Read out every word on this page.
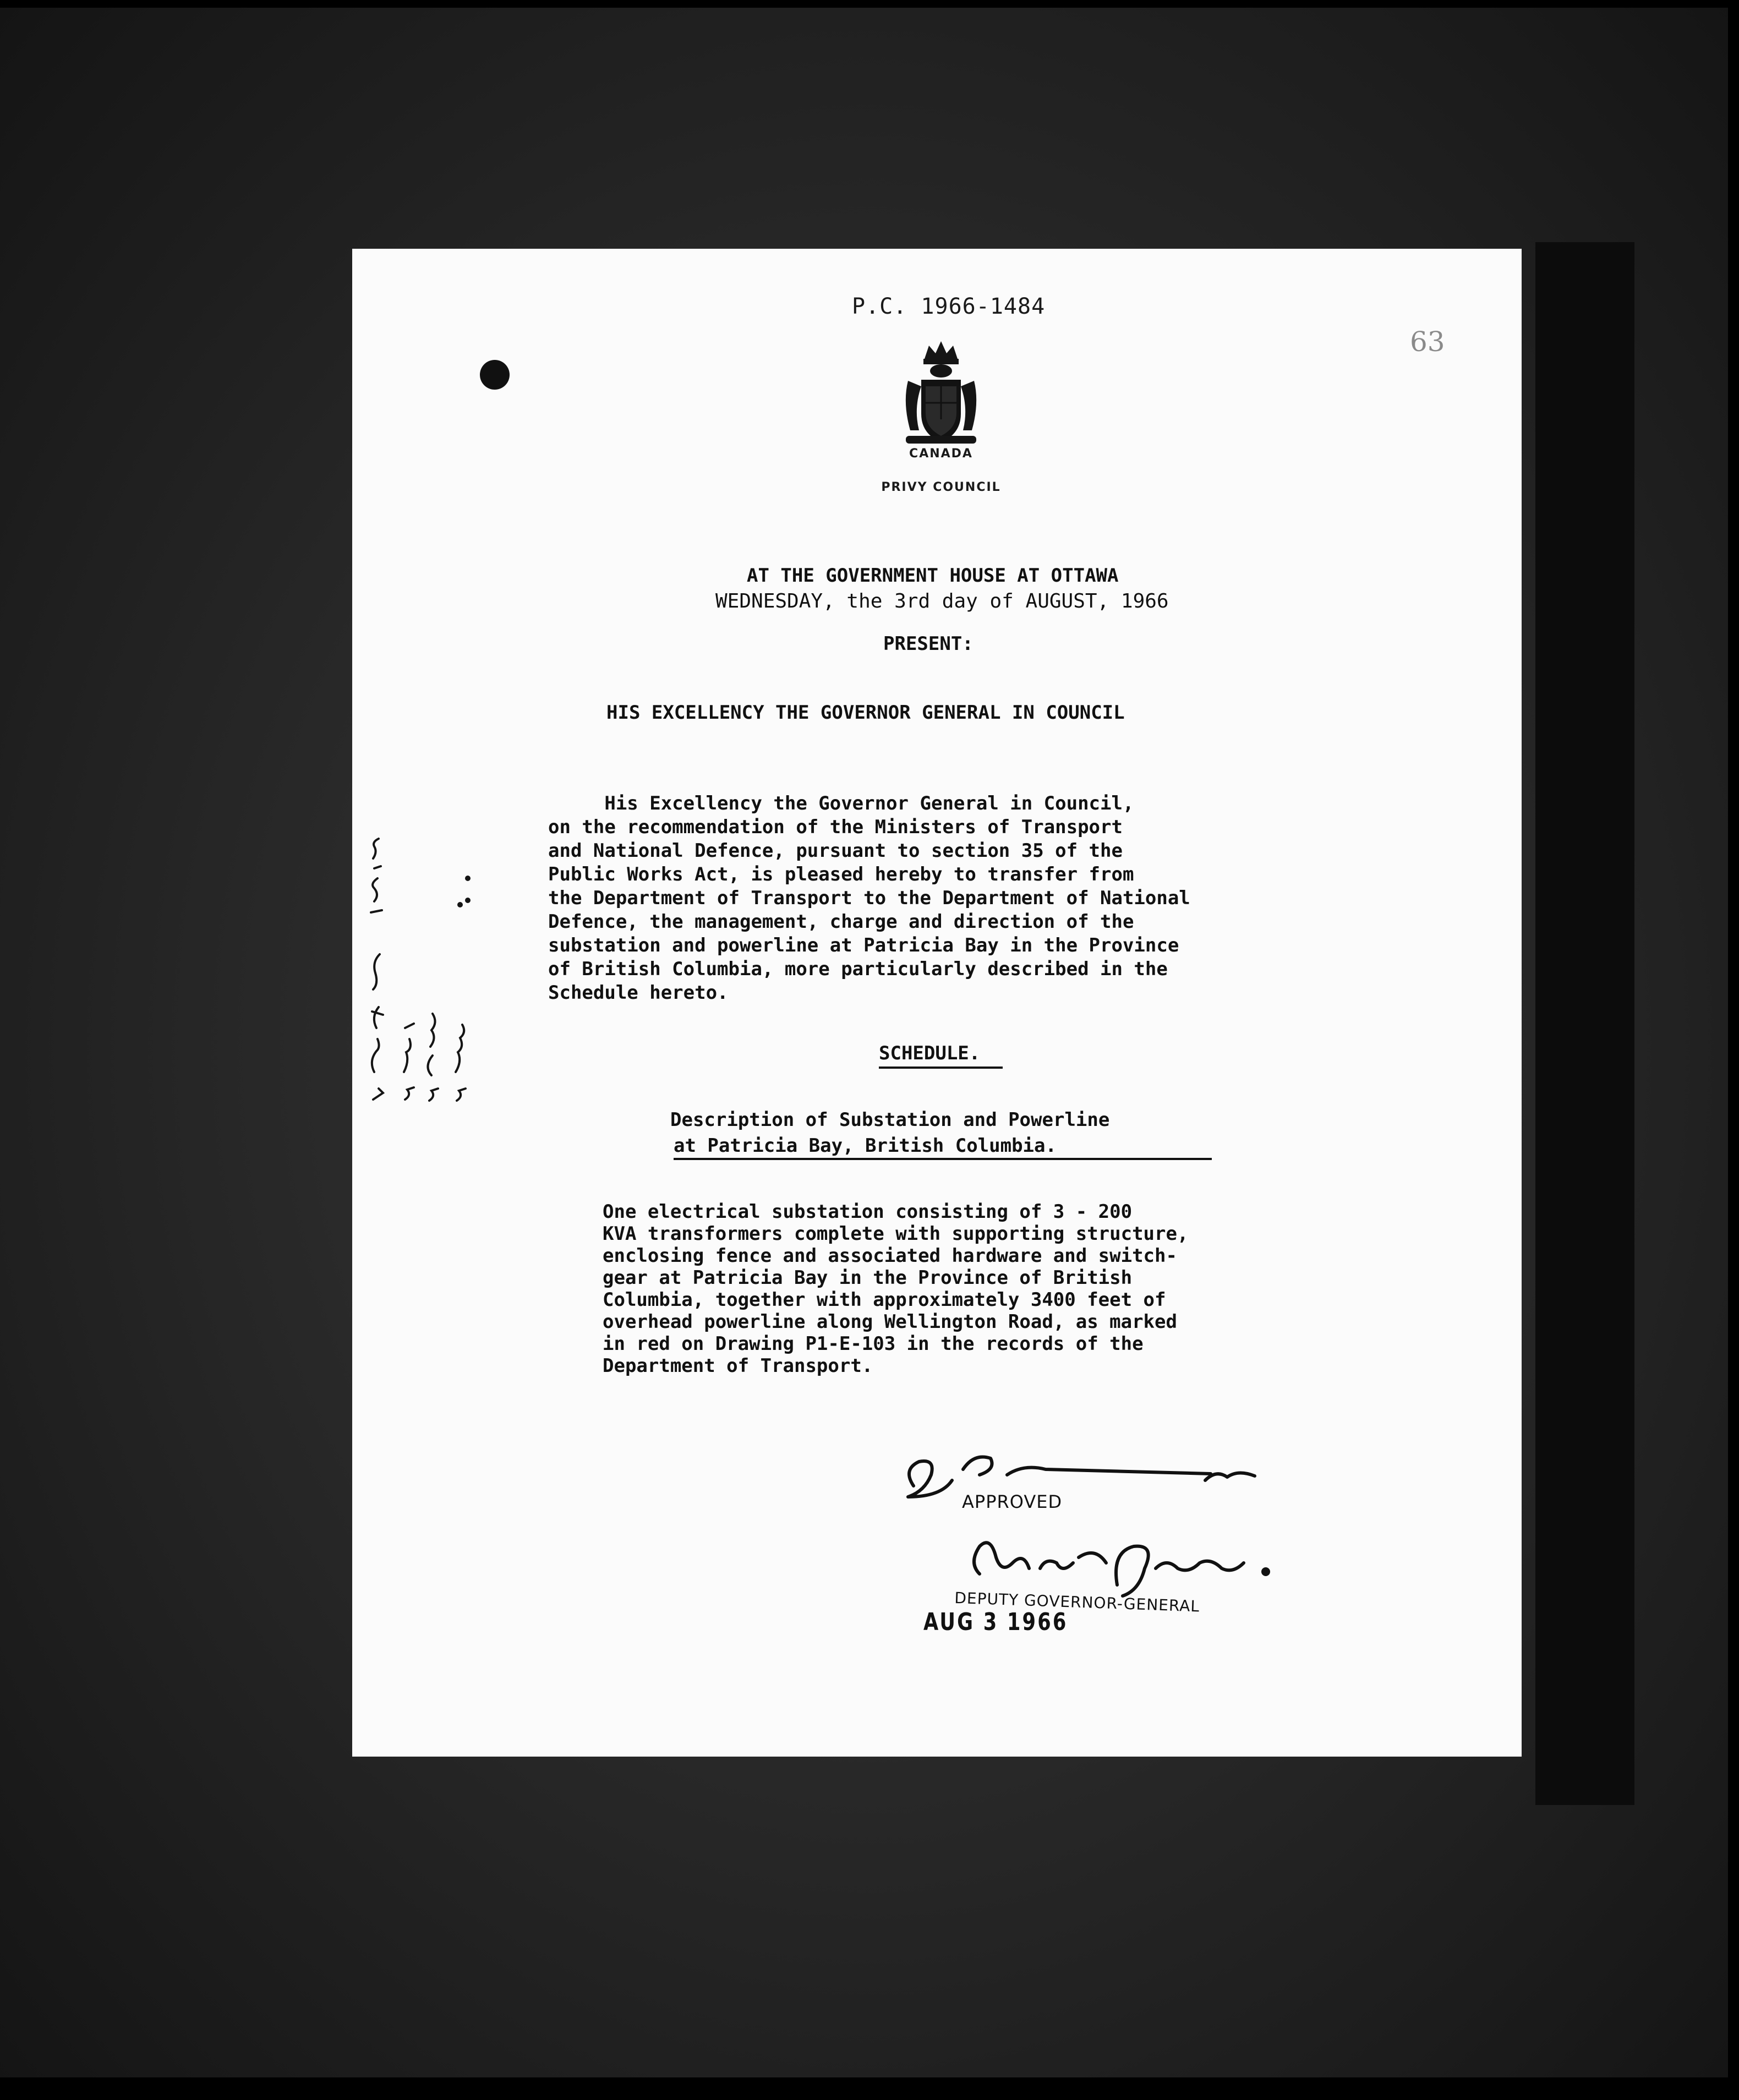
P.C. 1966-1484
63
CANADA
PRIVY COUNCIL
AT THE GOVERNMENT HOUSE AT OTTAWA
WEDNESDAY, the 3rd day of AUGUST, 1966
PRESENT:
HIS EXCELLENCY THE GOVERNOR GENERAL IN COUNCIL
His Excellency the Governor General in Council,
on the recommendation of the Ministers of Transport
and National Defence, pursuant to section 35 of the
Public Works Act, is pleased hereby to transfer from
the Department of Transport to the Department of National
Defence, the management, charge and direction of the
substation and powerline at Patricia Bay in the Province
of British Columbia, more particularly described in the
Schedule hereto.
SCHEDULE.
Description of Substation and Powerline
at Patricia Bay, British Columbia.
One electrical substation consisting of 3 - 200
KVA transformers complete with supporting structure,
enclosing fence and associated hardware and switch-
gear at Patricia Bay in the Province of British
Columbia, together with approximately 3400 feet of
overhead powerline along Wellington Road, as marked
in red on Drawing P1-E-103 in the records of the
Department of Transport.
APPROVED
DEPUTY GOVERNOR-GENERAL
AUG 3 1966
